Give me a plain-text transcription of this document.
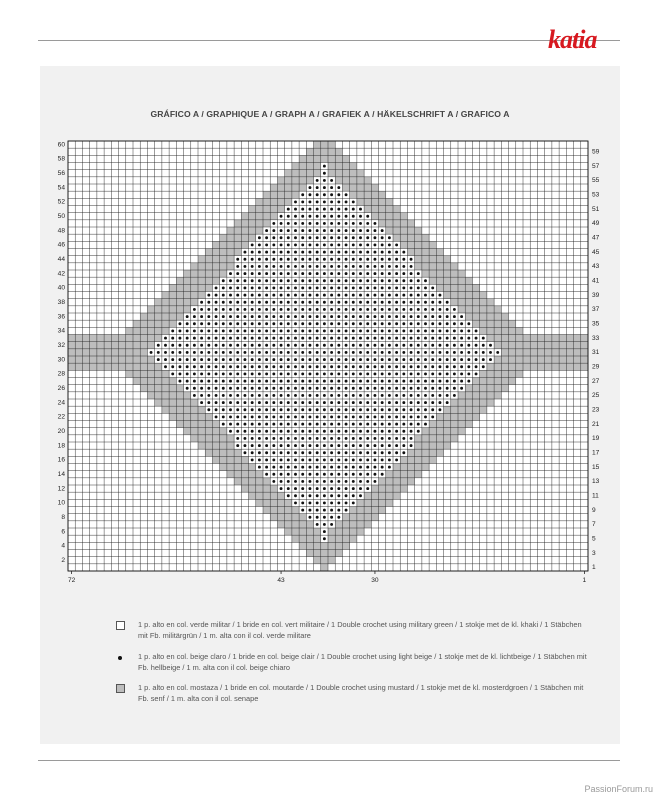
katia
GRÁFICO A / GRAPHIQUE A / GRAPH A / GRAFIEK A / HÄKELSCHRIFT A / GRAFICO A
60
58
56
54
52
50
48
46
44
42
40
38
36
34
32
30
28
26
24
22
20
18
16
14
12
10
8
6
4
2
59
57
55
53
51
49
47
45
43
41
39
37
35
33
31
29
27
25
23
21
19
17
15
13
11
9
7
5
3
1
72	43	30	1
1 p. alto en col. verde militar / 1 bride en col. vert militaire / 1 Double crochet using military green / 1 stokje met de kl. khaki / 1 Stäbchen mit Fb. militärgrün / 1 m. alta con il col. verde militare
1 p. alto en col. beige claro / 1 bride en col. beige clair / 1 Double crochet using light beige / 1 stokje met de kl. lichtbeige / 1 Stäbchen mit Fb. hellbeige / 1 m. alta con il col. beige chiaro
1 p. alto en col. mostaza / 1 bride en col. moutarde / 1 Double crochet using mustard / 1 stokje met de kl. mosterdgroen / 1 Stäbchen mit Fb. senf / 1 m. alta con il col. senape
PassionForum.ru
